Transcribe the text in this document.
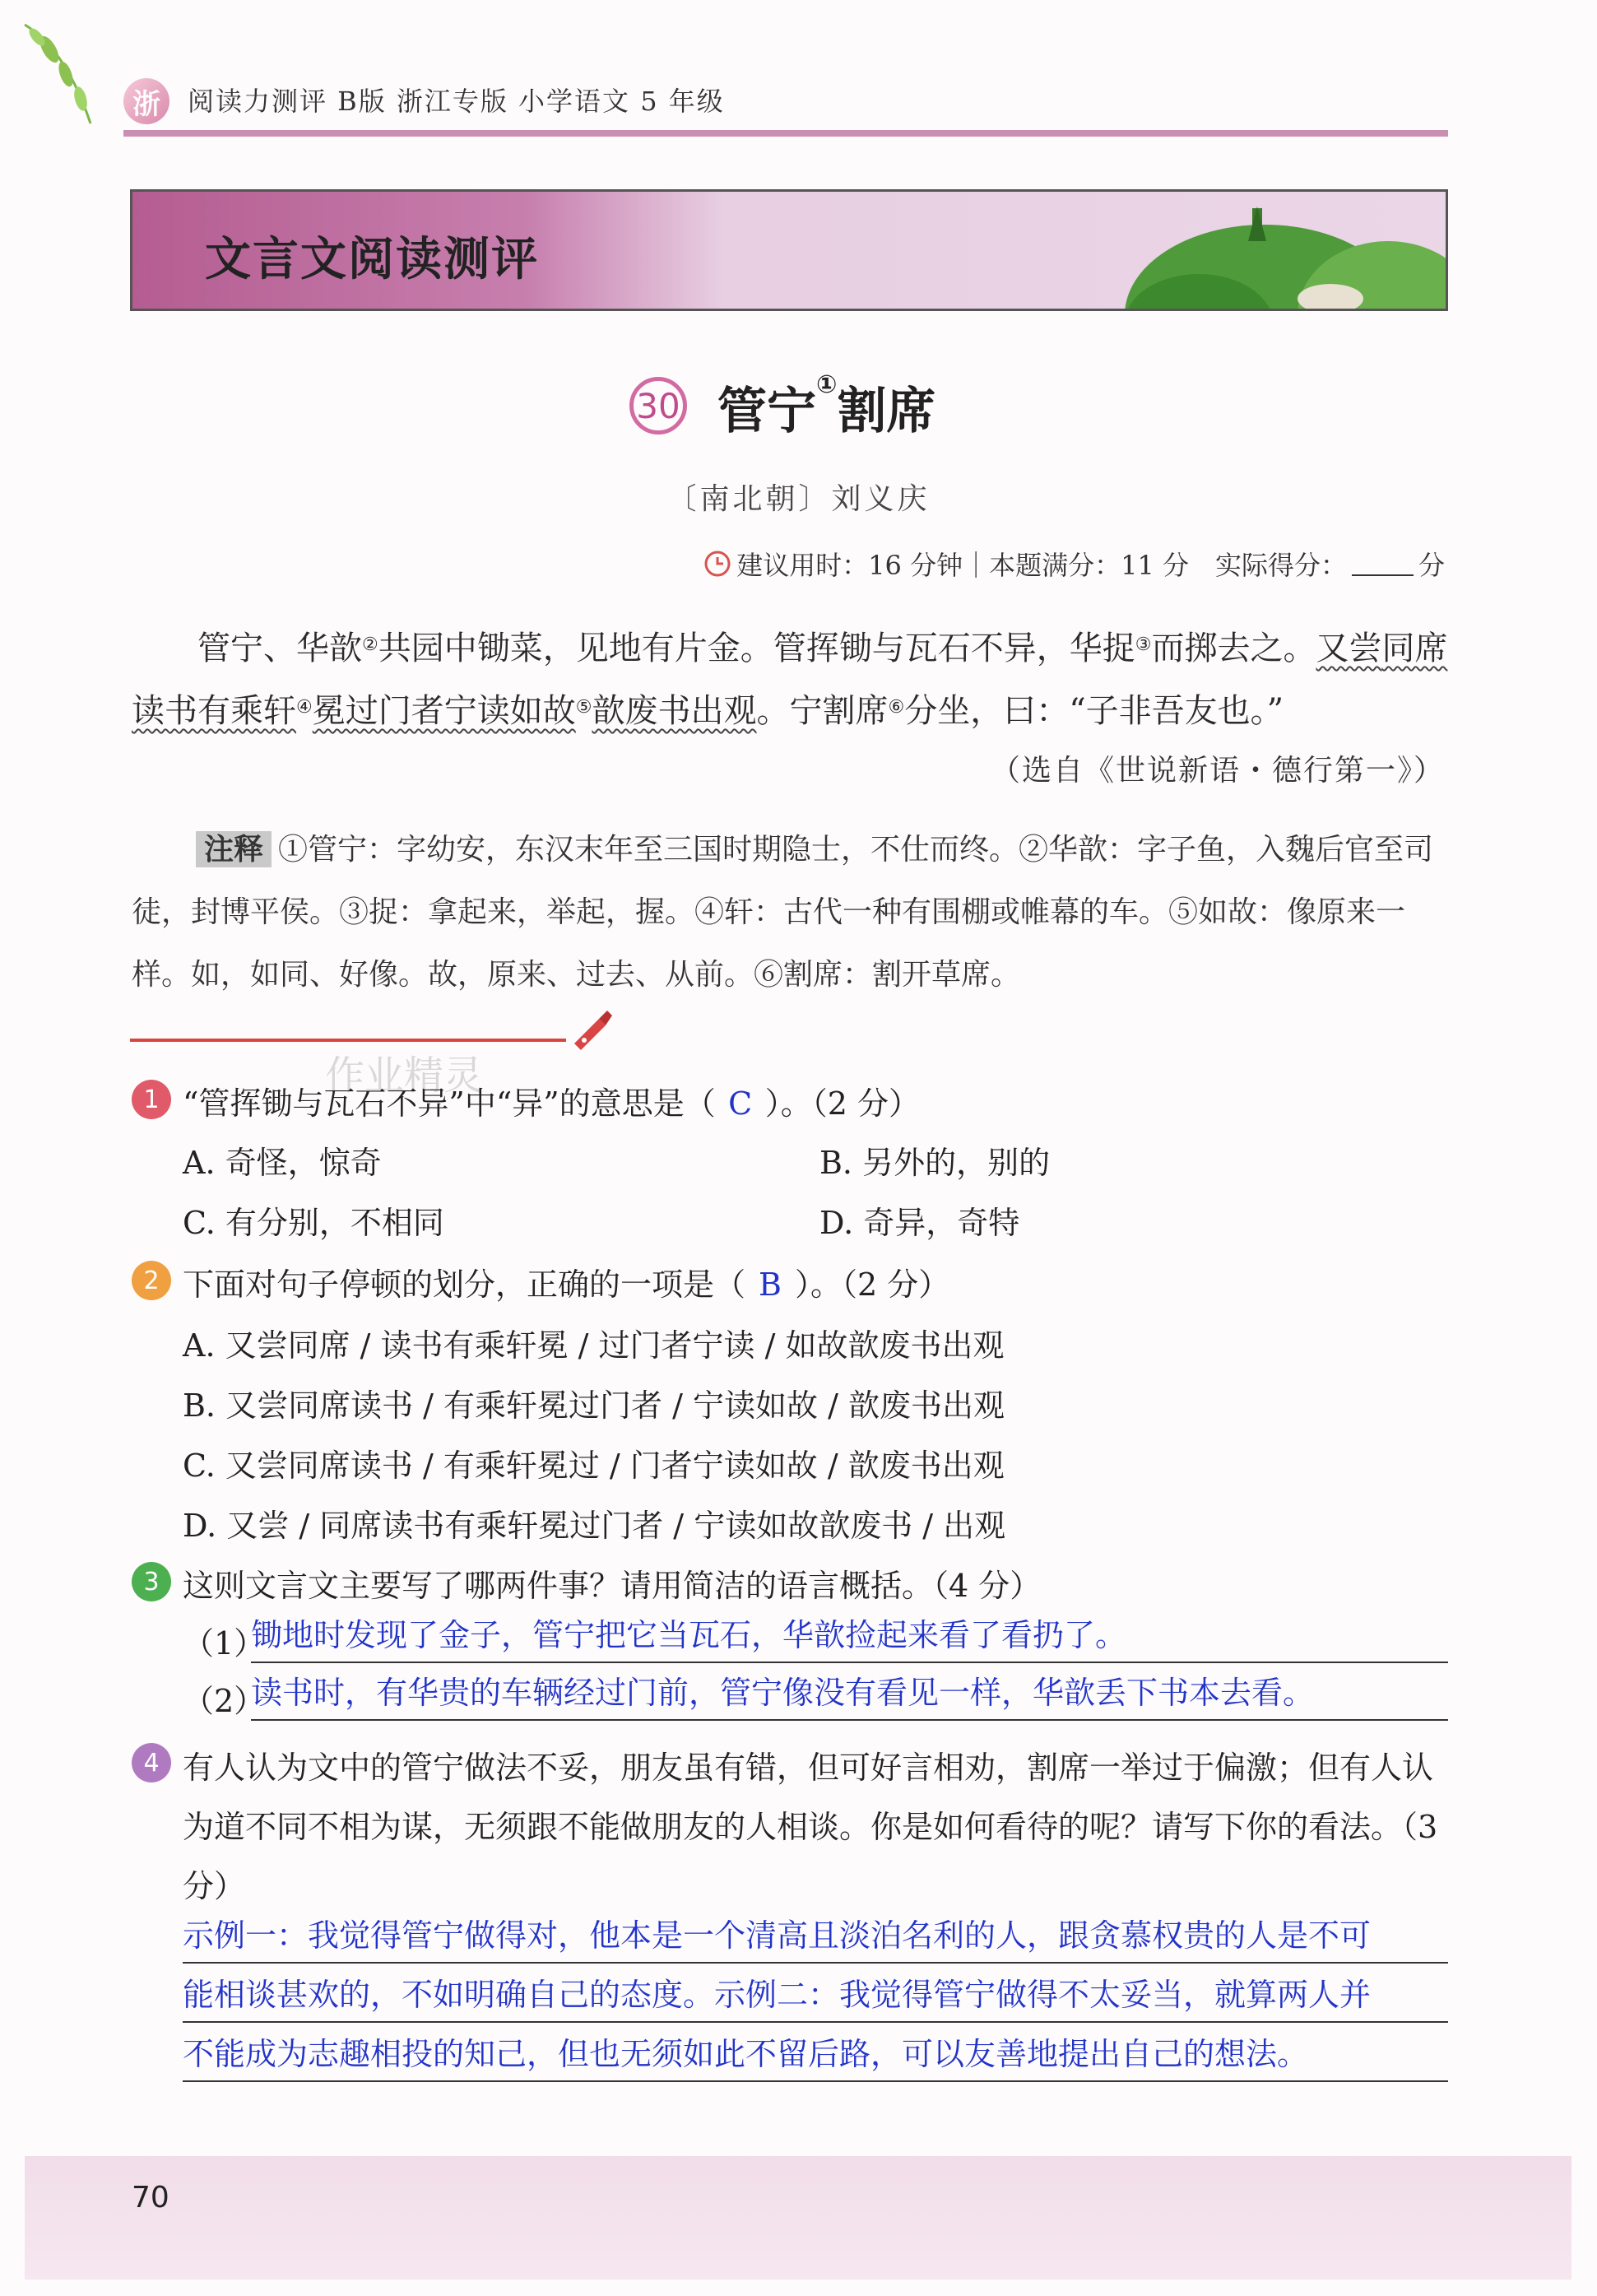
浙	阅读力测评 B版 浙江专版 小学语文 5 年级
文言文阅读测评
30 管宁①割席
〔南北朝〕刘义庆
建议用时：16 分钟｜本题满分：11 分　实际得分：	分

管宁、华歆②共园中锄菜，见地有片金。管挥锄与瓦石不异，华捉③而掷去之。又尝同席读书有乘轩④冕过门者宁读如故⑤歆废书出观。宁割席⑥分坐，曰：“子非吾友也。”

（选自《世说新语・德行第一》）
注释 ①管宁：字幼安，东汉末年至三国时期隐士，不仕而终。②华歆：字子鱼，入魏后官至司徒，封博平侯。③捉：拿起来，举起，握。④轩：古代一种有围棚或帷幕的车。⑤如故：像原来一样。如，如同、好像。故，原来、过去、从前。⑥割席：割开草席。
作业精灵
1 “管挥锄与瓦石不异”中“异”的意思是（ C ）。（2 分）
A. 奇怪，惊奇	B. 另外的，别的
C. 有分别，不相同	D. 奇异，奇特
2 下面对句子停顿的划分，正确的一项是（ B ）。（2 分）
A. 又尝同席 / 读书有乘轩冕 / 过门者宁读 / 如故歆废书出观
B. 又尝同席读书 / 有乘轩冕过门者 / 宁读如故 / 歆废书出观
C. 又尝同席读书 / 有乘轩冕过 / 门者宁读如故 / 歆废书出观
D. 又尝 / 同席读书有乘轩冕过门者 / 宁读如故歆废书 / 出观
3 这则文言文主要写了哪两件事？请用简洁的语言概括。（4 分）
（1）
锄地时发现了金子，管宁把它当瓦石，华歆捡起来看了看扔了。
（2）
读书时，有华贵的车辆经过门前，管宁像没有看见一样，华歆丢下书本去看。
4 有人认为文中的管宁做法不妥，朋友虽有错，但可好言相劝，割席一举过于偏激；但有人认为道不同不相为谋，无须跟不能做朋友的人相谈。你是如何看待的呢？请写下你的看法。（3 分）
示例一：我觉得管宁做得对，他本是一个清高且淡泊名利的人，跟贪慕权贵的人是不可
能相谈甚欢的，不如明确自己的态度。示例二：我觉得管宁做得不太妥当，就算两人并
不能成为志趣相投的知己，但也无须如此不留后路，可以友善地提出自己的想法。
70
